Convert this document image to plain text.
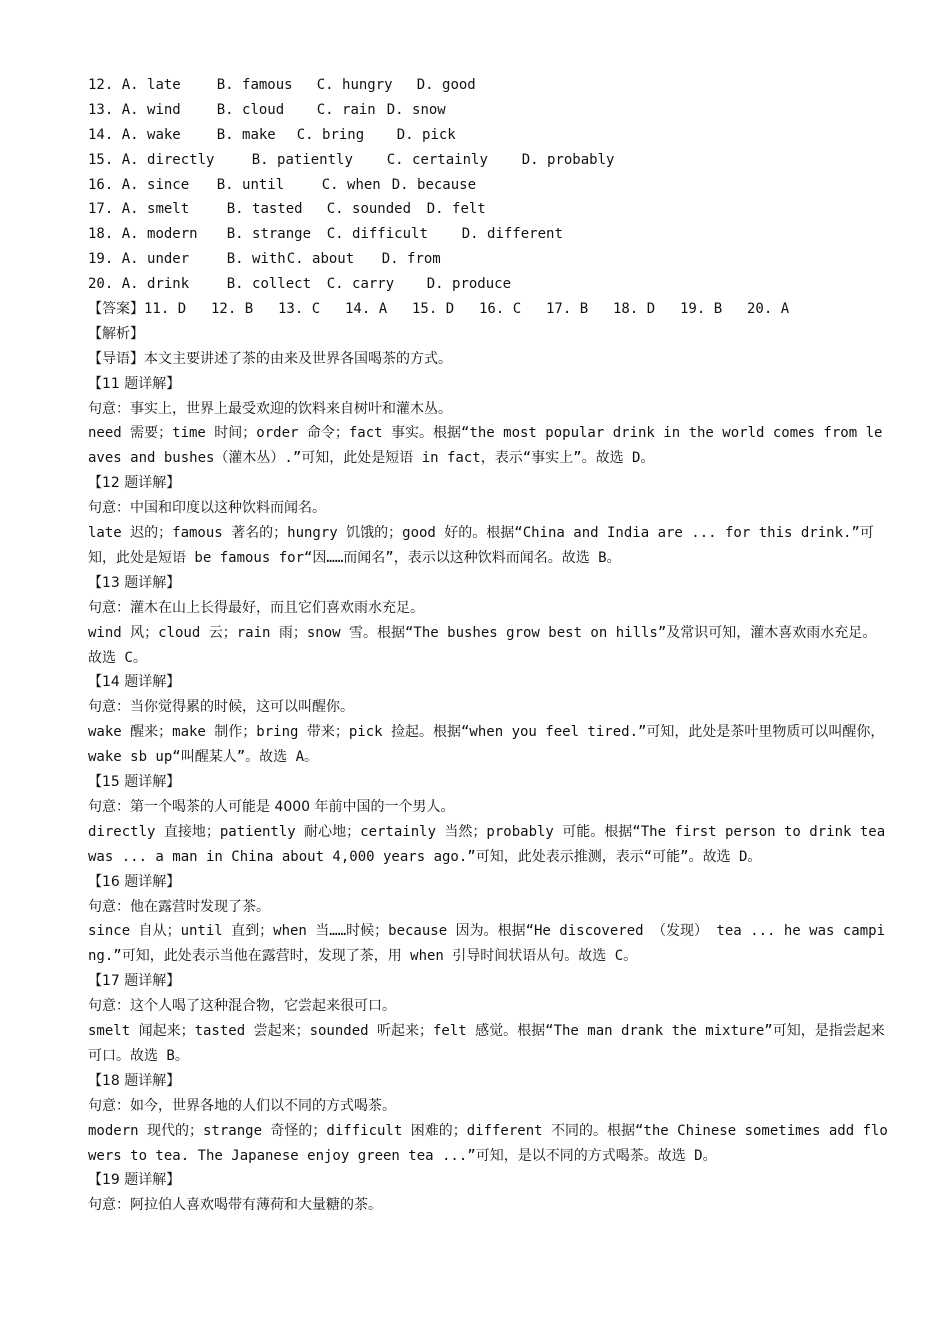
12. A. late	B. famous C. hungry D. good
13. A. wind	B. cloud C. rain D. snow
14. A. wake	B. make C. bring D. pick
15. A. directly	B. patiently C. certainly D. probably
16. A. since B. until	C. when D. because
17. A. smelt	B. tasted C. sounded D. felt
18. A. modern B. strange C. difficult D. different
19. A. under	B. withC. about D. from
20. A. drink	B. collect C. carry D. produce
【答案】11. D 12. B 13. C 14. A 15. D 16. C 17. B 18. D 19. B 20. A
【解析】
【导语】本文主要讲述了茶的由来及世界各国喝茶的方式。
【11 题详解】
句意：事实上，世界上最受欢迎的饮料来自树叶和灌木丛。
need 需要；time 时间；order 命令；fact 事实。根据“the most popular drink in the world comes from leaves and bushes（灌木丛）.”可知，此处是短语 in fact，表示“事实上”。故选 D。
【12 题详解】
句意：中国和印度以这种饮料而闻名。
late 迟的；famous 著名的；hungry 饥饿的；good 好的。根据“China and India are ... for this drink.”可知，此处是短语 be famous for“因……而闻名”，表示以这种饮料而闻名。故选 B。
【13 题详解】
句意：灌木在山上长得最好，而且它们喜欢雨水充足。
wind 风；cloud 云；rain 雨；snow 雪。根据“The bushes grow best on hills”及常识可知，灌木喜欢雨水充足。故选 C。
【14 题详解】
句意：当你觉得累的时候，这可以叫醒你。
wake 醒来；make 制作；bring 带来；pick 捡起。根据“when you feel tired.”可知，此处是茶叶里物质可以叫醒你，wake sb up“叫醒某人”。故选 A。
【15 题详解】
句意：第一个喝茶的人可能是 4000 年前中国的一个男人。
directly 直接地；patiently 耐心地；certainly 当然；probably 可能。根据“The first person to drink tea was ... a man in China about 4,000 years ago.”可知，此处表示推测，表示“可能”。故选 D。
【16 题详解】
句意：他在露营时发现了茶。
since 自从；until 直到；when 当……时候；because 因为。根据“He discovered （发现） tea ... he was camping.”可知，此处表示当他在露营时，发现了茶，用 when 引导时间状语从句。故选 C。
【17 题详解】
句意：这个人喝了这种混合物，它尝起来很可口。
smelt 闻起来；tasted 尝起来；sounded 听起来；felt 感觉。根据“The man drank the mixture”可知，是指尝起来可口。故选 B。
【18 题详解】
句意：如今，世界各地的人们以不同的方式喝茶。
modern 现代的；strange 奇怪的；difficult 困难的；different 不同的。根据“the Chinese sometimes add flowers to tea. The Japanese enjoy green tea ...”可知，是以不同的方式喝茶。故选 D。
【19 题详解】
句意：阿拉伯人喜欢喝带有薄荷和大量糖的茶。
